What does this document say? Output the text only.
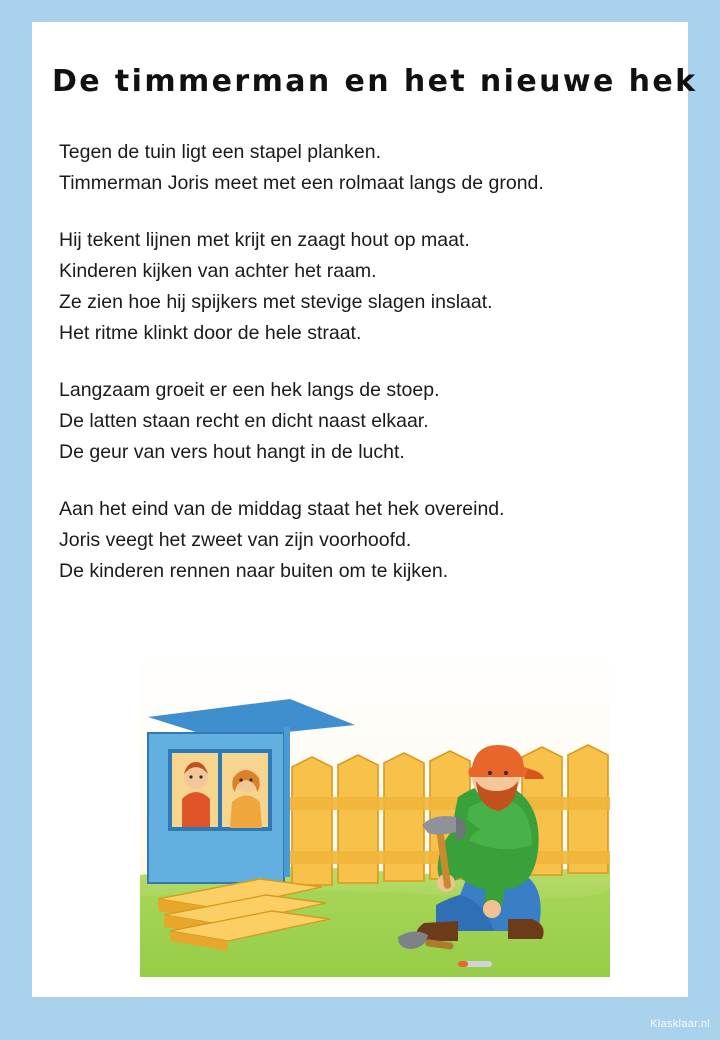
De timmerman en het nieuwe hek
Tegen de tuin ligt een stapel planken.
Timmerman Joris meet met een rolmaat langs de grond.
Hij tekent lijnen met krijt en zaagt hout op maat.
Kinderen kijken van achter het raam.
Ze zien hoe hij spijkers met stevige slagen inslaat.
Het ritme klinkt door de hele straat.
Langzaam groeit er een hek langs de stoep.
De latten staan recht en dicht naast elkaar.
De geur van vers hout hangt in de lucht.
Aan het eind van de middag staat het hek overeind.
Joris veegt het zweet van zijn voorhoofd.
De kinderen rennen naar buiten om te kijken.
Klasklaar.nl
